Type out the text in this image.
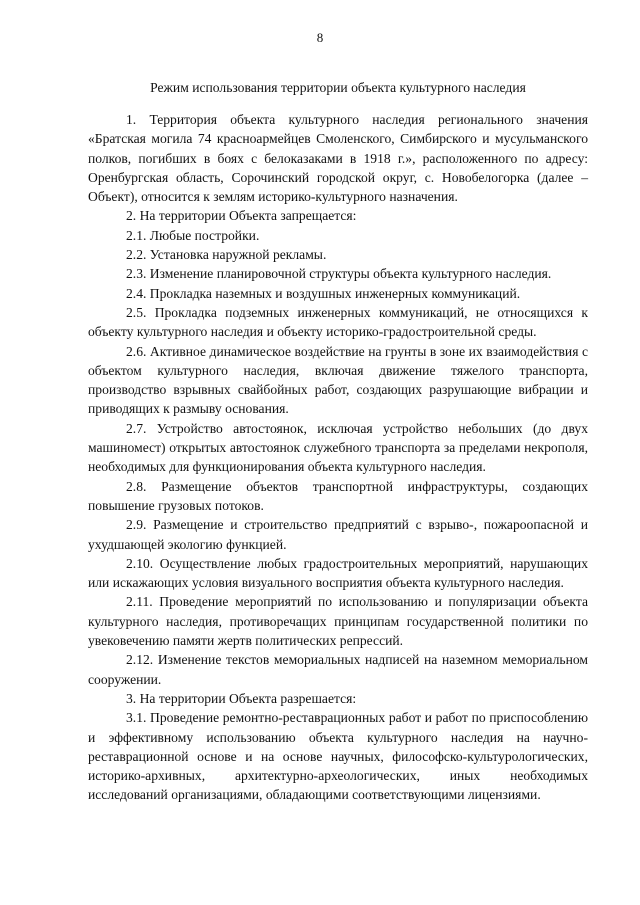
8
Режим использования территории объекта культурного наследия

1. Территория объекта культурного наследия регионального значения «Братская могила 74 красноармейцев Смоленского, Симбирского и мусульманского полков, погибших в боях с белоказаками в 1918 г.», расположенного по адресу: Оренбургская область, Сорочинский городской округ, с. Новобелогорка (далее – Объект), относится к землям историко-культурного назначения.

2. На территории Объекта запрещается:

2.1. Любые постройки.

2.2. Установка наружной рекламы.

2.3. Изменение планировочной структуры объекта культурного наследия.

2.4. Прокладка наземных и воздушных инженерных коммуникаций.

2.5. Прокладка подземных инженерных коммуникаций, не относящихся к объекту культурного наследия и объекту историко-градостроительной среды.

2.6. Активное динамическое воздействие на грунты в зоне их взаимодействия с объектом культурного наследия, включая движение тяжелого транспорта, производство взрывных свайбойных работ, создающих разрушающие вибрации и приводящих к размыву основания.

2.7. Устройство автостоянок, исключая устройство небольших (до двух машиномест) открытых автостоянок служебного транспорта за пределами некрополя, необходимых для функционирования объекта культурного наследия.

2.8. Размещение объектов транспортной инфраструктуры, создающих повышение грузовых потоков.

2.9. Размещение и строительство предприятий с взрыво-, пожароопасной и ухудшающей экологию функцией.

2.10. Осуществление любых градостроительных мероприятий, нарушающих или искажающих условия визуального восприятия объекта культурного наследия.

2.11. Проведение мероприятий по использованию и популяризации объекта культурного наследия, противоречащих принципам государственной политики по увековечению памяти жертв политических репрессий.

2.12. Изменение текстов мемориальных надписей на наземном мемориальном сооружении.

3. На территории Объекта разрешается:

3.1. Проведение ремонтно-реставрационных работ и работ по приспособлению и эффективному использованию объекта культурного наследия на научно-реставрационной основе и на основе научных, философско-культурологических, историко-архивных, архитектурно-археологических, иных необходимых исследований организациями, обладающими соответствующими лицензиями.
